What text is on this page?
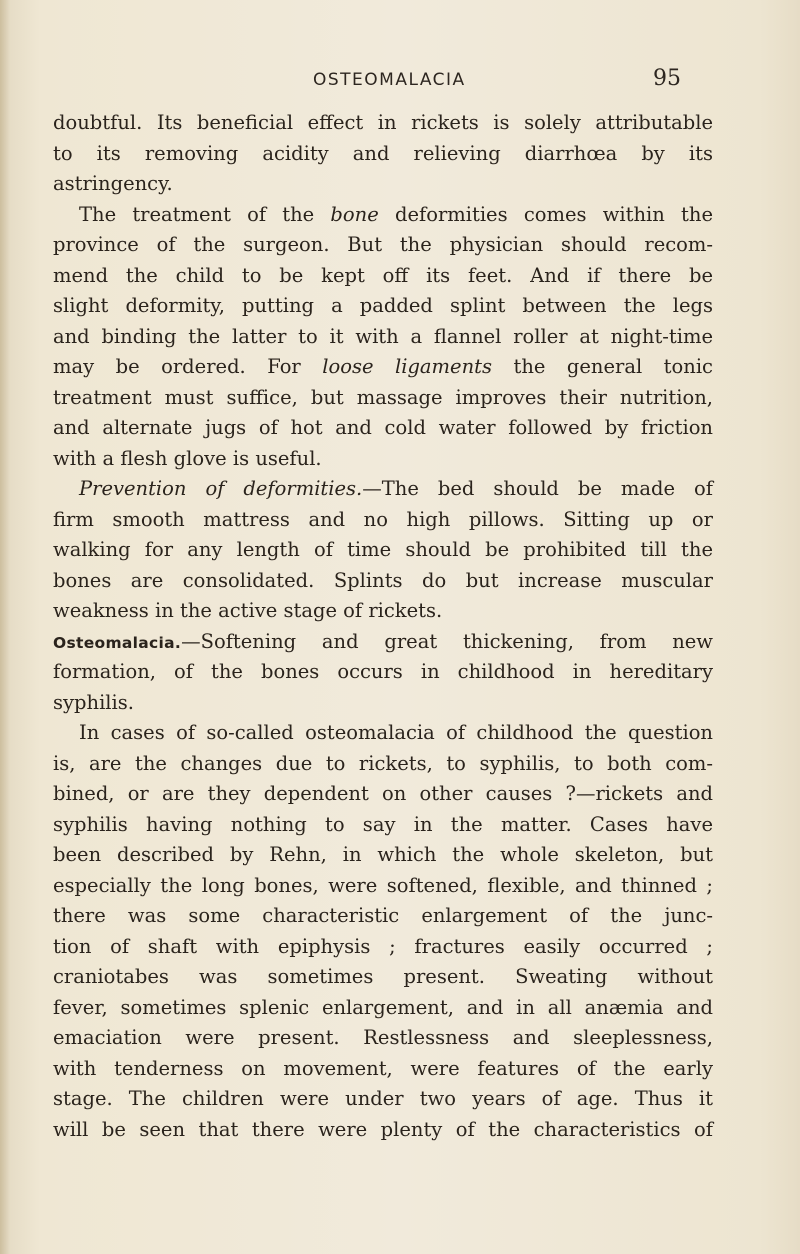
OSTEOMALACIA	95
doubtful. Its beneficial effect in rickets is solely attributable
to its removing acidity and relieving diarrhœa by its
astringency.
The treatment of the bone deformities comes within the
province of the surgeon. But the physician should recom-
mend the child to be kept off its feet. And if there be
slight deformity, putting a padded splint between the legs
and binding the latter to it with a flannel roller at night-time
may be ordered. For loose ligaments the general tonic
treatment must suffice, but massage improves their nutrition,
and alternate jugs of hot and cold water followed by friction
with a flesh glove is useful.
Prevention of deformities.—The bed should be made of
firm smooth mattress and no high pillows. Sitting up or
walking for any length of time should be prohibited till the
bones are consolidated. Splints do but increase muscular
weakness in the active stage of rickets.
Osteomalacia.—Softening and great thickening, from new
formation, of the bones occurs in childhood in hereditary
syphilis.
In cases of so-called osteomalacia of childhood the question
is, are the changes due to rickets, to syphilis, to both com-
bined, or are they dependent on other causes ?—rickets and
syphilis having nothing to say in the matter. Cases have
been described by Rehn, in which the whole skeleton, but
especially the long bones, were softened, flexible, and thinned ;
there was some characteristic enlargement of the junc-
tion of shaft with epiphysis ; fractures easily occurred ;
craniotabes was sometimes present. Sweating without
fever, sometimes splenic enlargement, and in all anæmia and
emaciation were present. Restlessness and sleeplessness,
with tenderness on movement, were features of the early
stage. The children were under two years of age. Thus it
will be seen that there were plenty of the characteristics of
